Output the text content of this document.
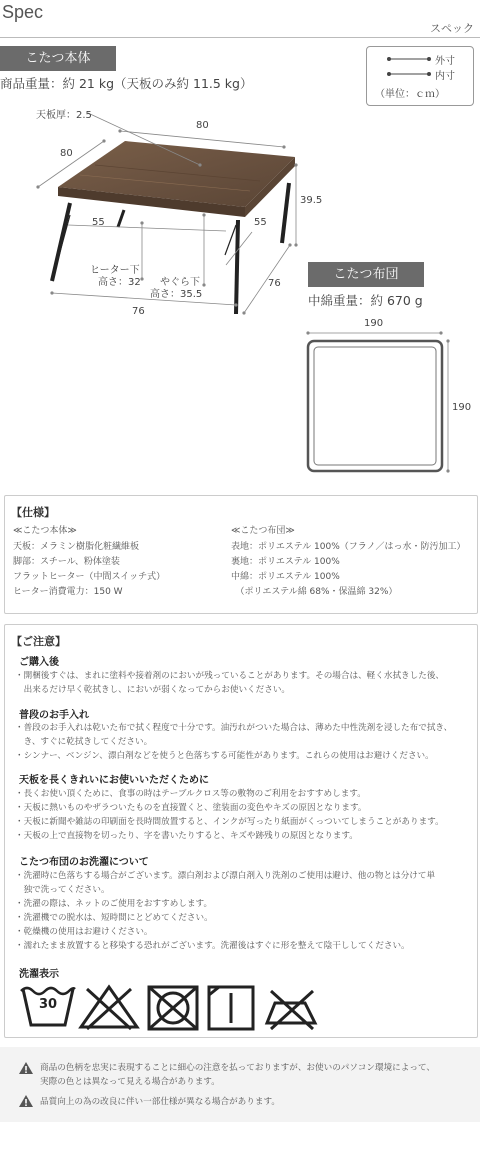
Spec
スペック
こたつ本体
商品重量：約 21 kg（天板のみ約 11.5 kg）
外寸
内寸
（単位：ｃｍ）
天板厚：2.5
80
80
39.5
55	55
ヒーター下
高さ：32 やぐら下
高さ：35.5
76
76
こたつ布団
中綿重量：約 670 g
190
190
【仕様】
≪こたつ本体≫
天板：メラミン樹脂化粧繊維板
脚部：スチール、粉体塗装
フラットヒーター（中間スイッチ式）
ヒーター消費電力：150 W
≪こたつ布団≫
表地：ポリエステル 100%（フラノ／はっ水・防汚加工）
裏地：ポリエステル 100%
中綿：ポリエステル 100%
　（ポリエステル綿 68%・保温綿 32%）
【ご注意】
ご購入後
・開梱後すぐは、まれに塗料や接着剤のにおいが残っていることがあります。その場合は、軽く水拭きした後、
　出来るだけ早く乾拭きし、においが弱くなってからお使いください。
普段のお手入れ
・普段のお手入れは乾いた布で拭く程度で十分です。油汚れがついた場合は、薄めた中性洗剤を浸した布で拭き、
　き、すぐに乾拭きしてください。
・シンナー、ベンジン、漂白剤などを使うと色落ちする可能性があります。これらの使用はお避けください。
天板を長くきれいにお使いいただくために
・長くお使い頂くために、食事の時はテーブルクロス等の敷物のご利用をおすすめします。
・天板に熱いものやザラついたものを直接置くと、塗装面の変色やキズの原因となります。
・天板に新聞や雑誌の印刷面を長時間放置すると、インクが写ったり紙面がくっついてしまうことがあります。
・天板の上で直接物を切ったり、字を書いたりすると、キズや跡残りの原因となります。
こたつ布団のお洗濯について
・洗濯時に色落ちする場合がございます。漂白剤および漂白剤入り洗剤のご使用は避け、他の物とは分けて単
　独で洗ってください。
・洗濯の際は、ネットのご使用をおすすめします。
・洗濯機での脱水は、短時間にとどめてください。
・乾燥機の使用はお避けください。
・濡れたまま放置すると移染する恐れがございます。洗濯後はすぐに形を整えて陰干ししてください。
洗濯表示
30
商品の色柄を忠実に表現することに細心の注意を払っておりますが、お使いのパソコン環境によって、
実際の色とは異なって見える場合があります。
品質向上の為の改良に伴い一部仕様が異なる場合があります。
